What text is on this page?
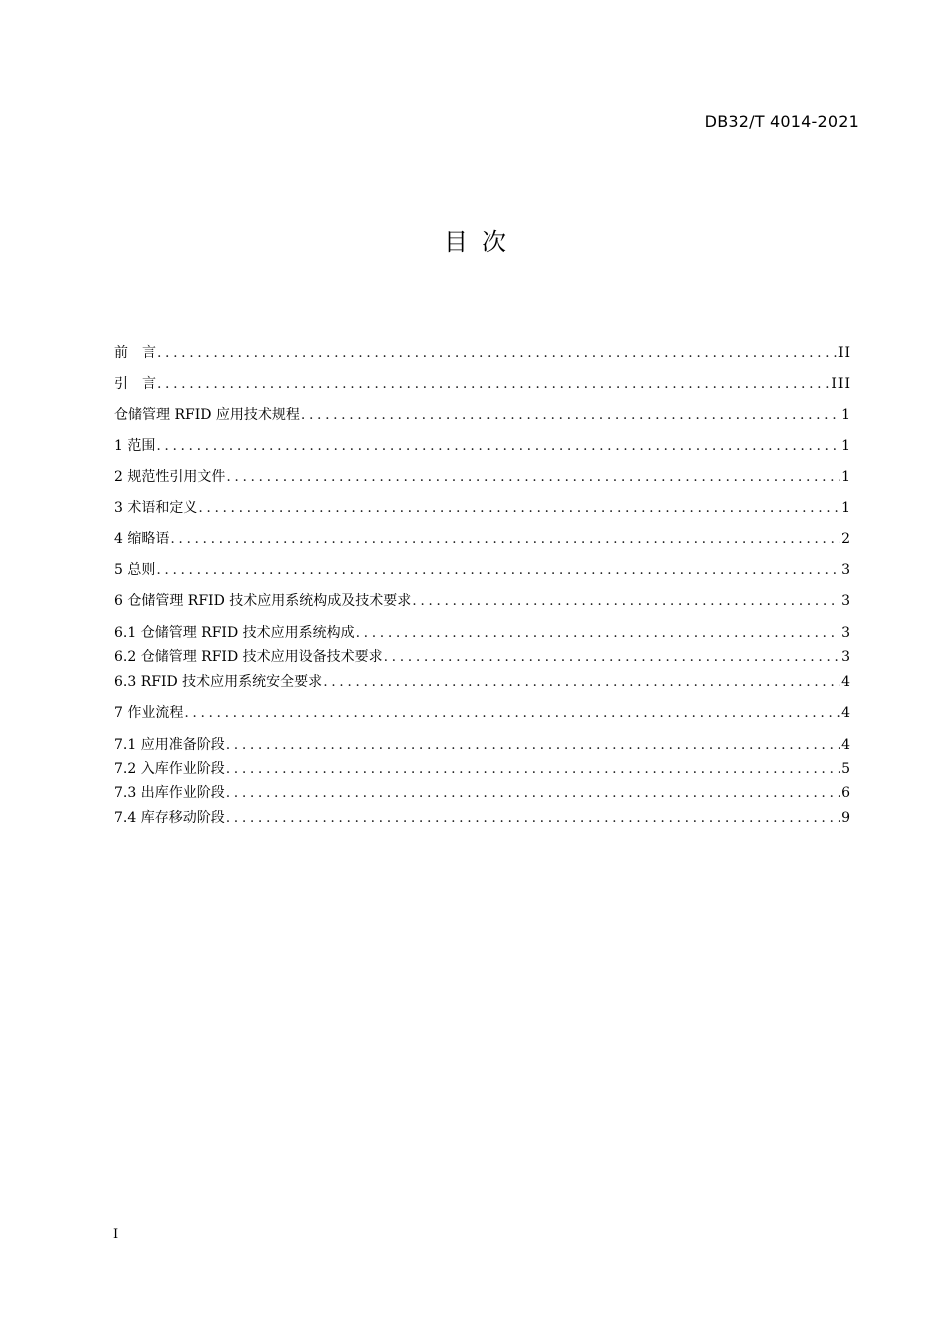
DB32/T 4014-2021
目次
前　言 .....	II
引　言 .....	III
仓储管理 RFID 应用技术规程 .....	1
1 范围 .....	1
2 规范性引用文件 .....	1
3 术语和定义 .....	1
4 缩略语 .....	2
5 总则 .....	3
6 仓储管理 RFID 技术应用系统构成及技术要求 .....	3
6.1 仓储管理 RFID 技术应用系统构成 .....	3
6.2 仓储管理 RFID 技术应用设备技术要求 .....	3
6.3 RFID 技术应用系统安全要求 .....	4
7 作业流程 .....	4
7.1 应用准备阶段 .....	4
7.2 入库作业阶段 .....	5
7.3 出库作业阶段 .....	6
7.4 库存移动阶段 .....	9
I
